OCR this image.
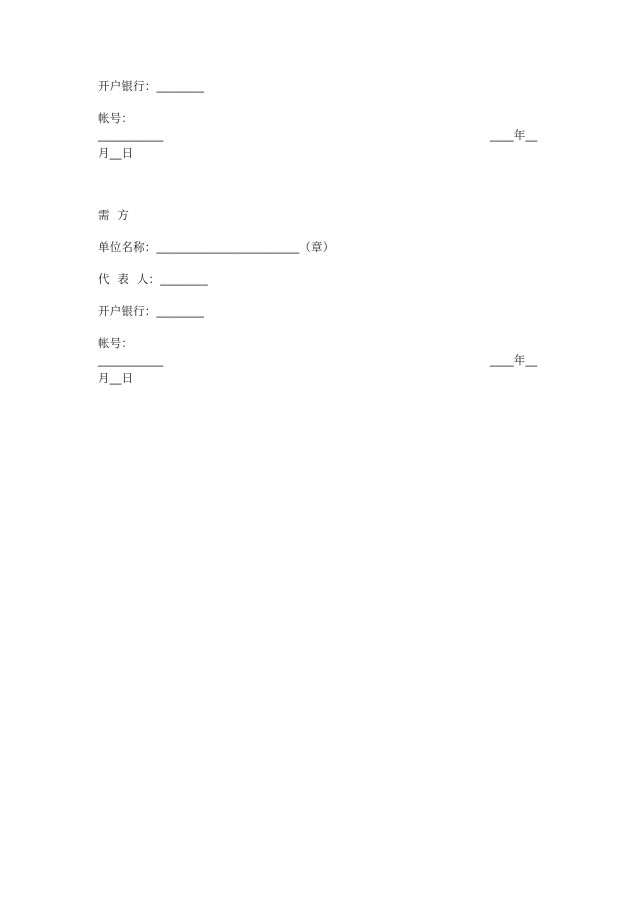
开户银行：________
帐号：
___________	____年__
月__日
需  方
单位名称：________________________（章）
代  表  人：________
开户银行：________
帐号：
___________	____年__
月__日
